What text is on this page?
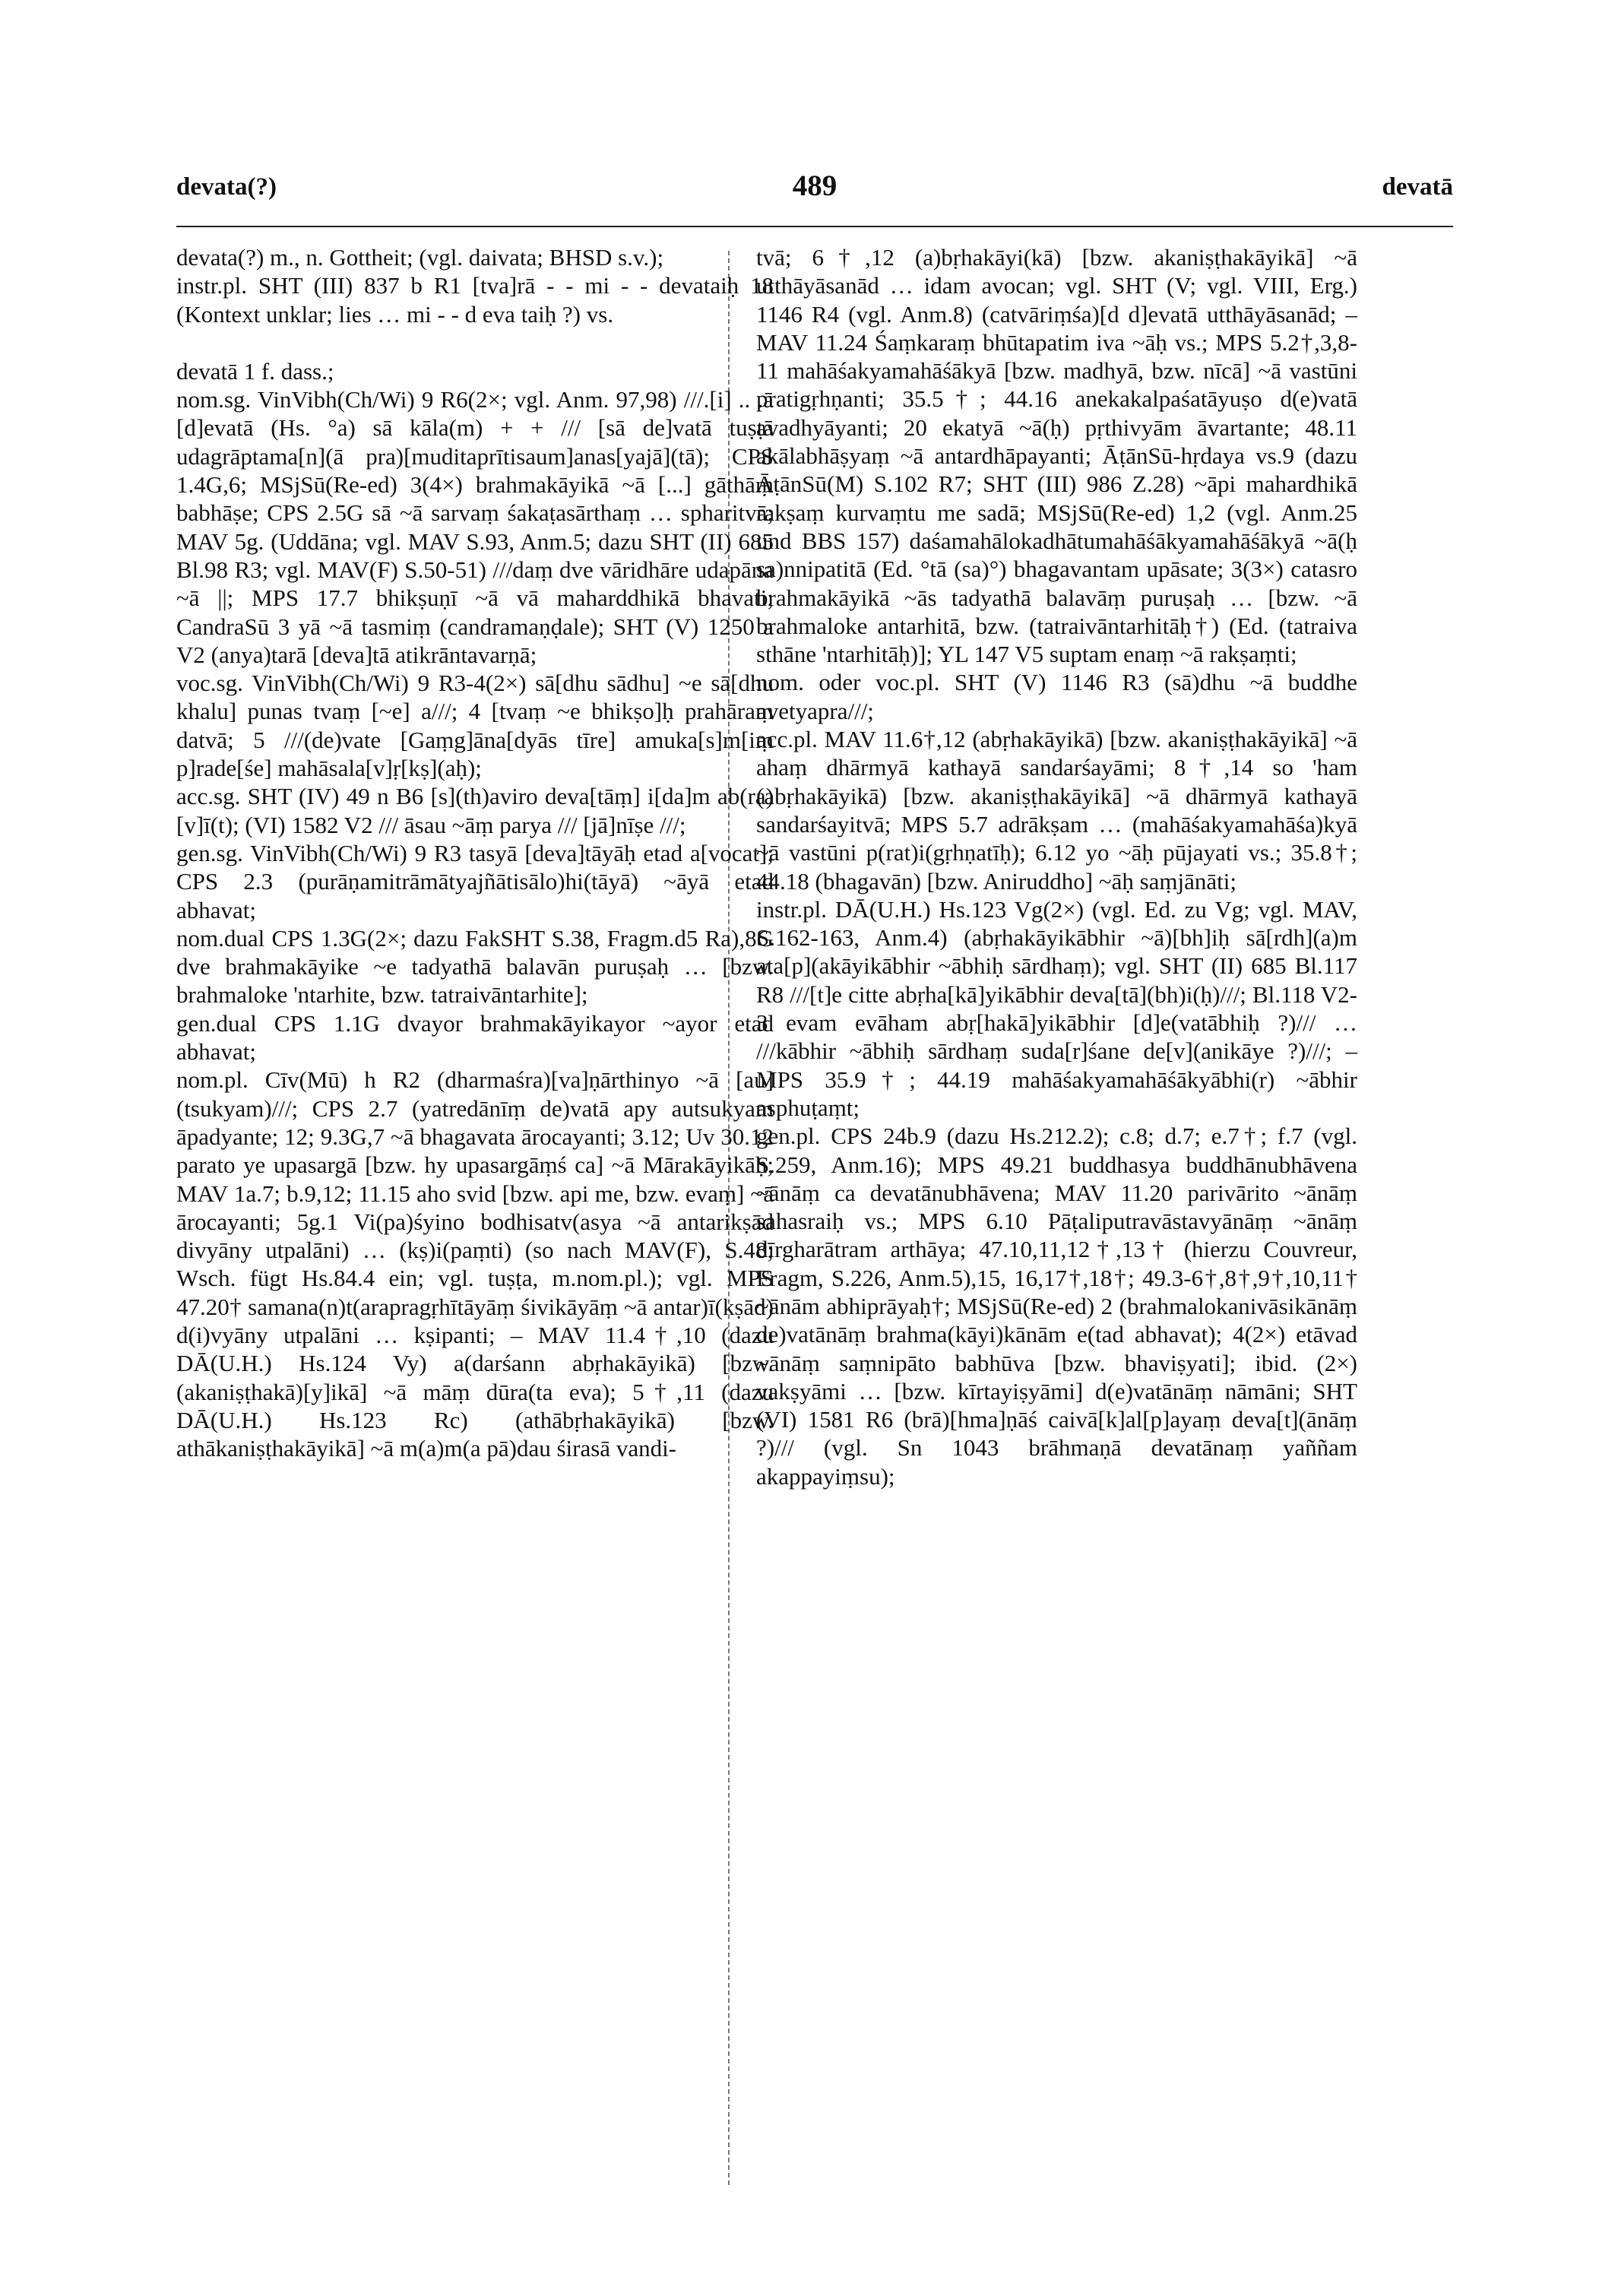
devata(?)	489	devatā

devata(?) m., n. Gottheit; (vgl. daivata; BHSD s.v.);

instr.pl. SHT (III) 837 b R1 [tva]rā - - mi - - devataiḥ 18 (Kontext unklar; lies … mi - - d eva taiḥ ?) vs.

devatā 1 f. dass.;

nom.sg. VinVibh(Ch/Wi) 9 R6(2×; vgl. Anm. 97,98) ///.[i] .. .ā [d]evatā (Hs. °a) sā kāla(m) + + /// [sā de]vatā tuṣṭā udagrāptama[n](ā pra)[muditaprītisaum]anas[yajā](tā); CPS 1.4G,6; MSjSū(Re-ed) 3(4×) brahmakāyikā ~ā [...] gāthāṃ babhāṣe; CPS 2.5G sā ~ā sarvaṃ śakaṭasārthaṃ … spharitvā; MAV 5g. (Uddāna; vgl. MAV S.93, Anm.5; dazu SHT (II) 685 Bl.98 R3; vgl. MAV(F) S.50-51) ///daṃ dve vāridhāre udapāna ~ā ||; MPS 17.7 bhikṣuṇī ~ā vā maharddhikā bhavati; CandraSū 3 yā ~ā tasmiṃ (candramaṇḍale); SHT (V) 1250 a V2 (anya)tarā [deva]tā atikrāntavarṇā;

voc.sg. VinVibh(Ch/Wi) 9 R3-4(2×) sā[dhu sādhu] ~e sā[dhu khalu] punas tvaṃ [~e] a///; 4 [tvaṃ ~e bhikṣo]ḥ prahāraṃ datvā; 5 ///(de)vate [Gaṃg]āna[dyās tīre] amuka[s]m[iṃ p]rade[śe] mahāsala[v]ṛ[kṣ](aḥ);

acc.sg. SHT (IV) 49 n B6 [s](th)aviro deva[tāṃ] i[da]m ab(ra)[v]ī(t); (VI) 1582 V2 /// āsau ~āṃ parya /// [jā]nīṣe ///;

gen.sg. VinVibh(Ch/Wi) 9 R3 tasyā [deva]tāyāḥ etad a[vocat]; CPS 2.3 (purāṇamitrāmātyajñātisālo)hi(tāyā) ~āyā etad abhavat;

nom.dual CPS 1.3G(2×; dazu FakSHT S.38, Fragm.d5 Ra),8G dve brahmakāyike ~e tadyathā balavān puruṣaḥ … [bzw. brahmaloke 'ntarhite, bzw. tatraivāntarhite];

gen.dual CPS 1.1G dvayor brahmakāyikayor ~ayor etad abhavat;

nom.pl. Cīv(Mū) h R2 (dharmaśra)[va]ṇārthinyo ~ā [au](tsukyam)///; CPS 2.7 (yatredānīṃ de)vatā apy autsukyam āpadyante; 12; 9.3G,7 ~ā bhagavata ārocayanti; 3.12; Uv 30.12 parato ye upasargā [bzw. hy upasargāṃś ca] ~ā Mārakāyikāḥ; MAV 1a.7; b.9,12; 11.15 aho svid [bzw. api me, bzw. evaṃ] ~ā ārocayanti; 5g.1 Vi(pa)śyino bodhisatv(asya ~ā antarikṣād divyāny utpalāni) … (kṣ)i(paṃti) (so nach MAV(F), S.48; Wsch. fügt Hs.84.4 ein; vgl. tuṣṭa, m.nom.pl.); vgl. MPS 47.20† samana(n)t(arapragṛhītāyāṃ śivikāyāṃ ~ā antar)ī(kṣād) d(i)vyāny utpalāni … kṣipanti; – MAV 11.4†,10 (dazu DĀ(U.H.) Hs.124 Vy) a(darśann abṛhakāyikā) [bzw. (akaniṣṭhakā)[y]ikā] ~ā māṃ dūra(ta eva); 5†,11 (dazu DĀ(U.H.) Hs.123 Rc) (athābṛhakāyikā) [bzw. athākaniṣṭhakāyikā] ~ā m(a)m(a pā)dau śirasā vandi-

tvā; 6†,12 (a)bṛhakāyi(kā) [bzw. akaniṣṭhakāyikā] ~ā utthāyāsanād … idam avocan; vgl. SHT (V; vgl. VIII, Erg.) 1146 R4 (vgl. Anm.8) (catvāriṃśa)[d d]evatā utthāyāsanād; – MAV 11.24 Śaṃkaraṃ bhūtapatim iva ~āḥ vs.; MPS 5.2†,3,8-11 mahāśakyamahāśākyā [bzw. madhyā, bzw. nīcā] ~ā vastūni pratigṛhṇanti; 35.5†; 44.16 anekakalpaśatāyuṣo d(e)vatā avadhyāyanti; 20 ekatyā ~ā(ḥ) pṛthivyām āvartante; 48.11 akālabhāṣyaṃ ~ā antardhāpayanti; ĀṭānSū-hṛdaya vs.9 (dazu ĀṭānSū(M) S.102 R7; SHT (III) 986 Z.28) ~āpi mahardhikā rakṣaṃ kurvaṃtu me sadā; MSjSū(Re-ed) 1,2 (vgl. Anm.25 und BBS 157) daśamahālokadhātumahāśākyamahāśākyā ~ā(ḥ sa)nnipatitā (Ed. °tā (sa)°) bhagavantam upāsate; 3(3×) catasro brahmakāyikā ~ās tadyathā balavāṃ puruṣaḥ … [bzw. ~ā brahmaloke antarhitā, bzw. (tatraivāntarhitāḥ†) (Ed. (tatraiva sthāne 'ntarhitāḥ)]; YL 147 V5 suptam enaṃ ~ā rakṣaṃti;

nom. oder voc.pl. SHT (V) 1146 R3 (sā)dhu ~ā buddhe avetyapra///;

acc.pl. MAV 11.6†,12 (abṛhakāyikā) [bzw. akaniṣṭhakāyikā] ~ā ahaṃ dhārmyā kathayā sandarśayāmi; 8†,14 so 'ham (abṛhakāyikā) [bzw. akaniṣṭhakāyikā] ~ā dhārmyā kathayā sandarśayitvā; MPS 5.7 adrākṣam … (mahāśakyamahāśa)kyā ~ā vastūni p(rat)i(gṛhṇatīḥ); 6.12 yo ~āḥ pūjayati vs.; 35.8†; 44.18 (bhagavān) [bzw. Aniruddho] ~āḥ saṃjānāti;

instr.pl. DĀ(U.H.) Hs.123 Vg(2×) (vgl. Ed. zu Vg; vgl. MAV, S.162-163, Anm.4) (abṛhakāyikābhir ~ā)[bh]iḥ sā[rdh](a)m ata[p](akāyikābhir ~ābhiḥ sārdhaṃ); vgl. SHT (II) 685 Bl.117 R8 ///[t]e citte abṛha[kā]yikābhir deva[tā](bh)i(ḥ)///; Bl.118 V2-3 evam evāham abṛ[hakā]yikābhir [d]e(vatābhiḥ ?)/// … ///kābhir ~ābhiḥ sārdhaṃ suda[r]śane de[v](anikāye ?)///; – MPS 35.9†; 44.19 mahāśakyamahāśākyābhi(r) ~ābhir asphuṭaṃt;

gen.pl. CPS 24b.9 (dazu Hs.212.2); c.8; d.7; e.7†; f.7 (vgl. S.259, Anm.16); MPS 49.21 buddhasya buddhānubhāvena ~ānāṃ ca devatānubhāvena; MAV 11.20 parivārito ~ānāṃ sahasraiḥ vs.; MPS 6.10 Pāṭaliputravāstavyānāṃ ~ānāṃ dīrgharātram arthāya; 47.10,11,12†,13† (hierzu Couvreur, Fragm, S.226, Anm.5),15, 16,17†,18†; 49.3-6†,8†,9†,10,11† ~ānām abhiprāyaḥ†; MSjSū(Re-ed) 2 (brahmalokanivāsikānāṃ de)vatānāṃ brahma(kāyi)kānām e(tad abhavat); 4(2×) etāvad ~ānāṃ saṃnipāto babhūva [bzw. bhaviṣyati]; ibid. (2×) vakṣyāmi … [bzw. kīrtayiṣyāmi] d(e)vatānāṃ nāmāni; SHT (VI) 1581 R6 (brā)[hma]ṇāś caivā[k]al[p]ayaṃ deva[t](ānāṃ ?)/// (vgl. Sn 1043 brāhmaṇā devatānaṃ yaññam akappayiṃsu);
